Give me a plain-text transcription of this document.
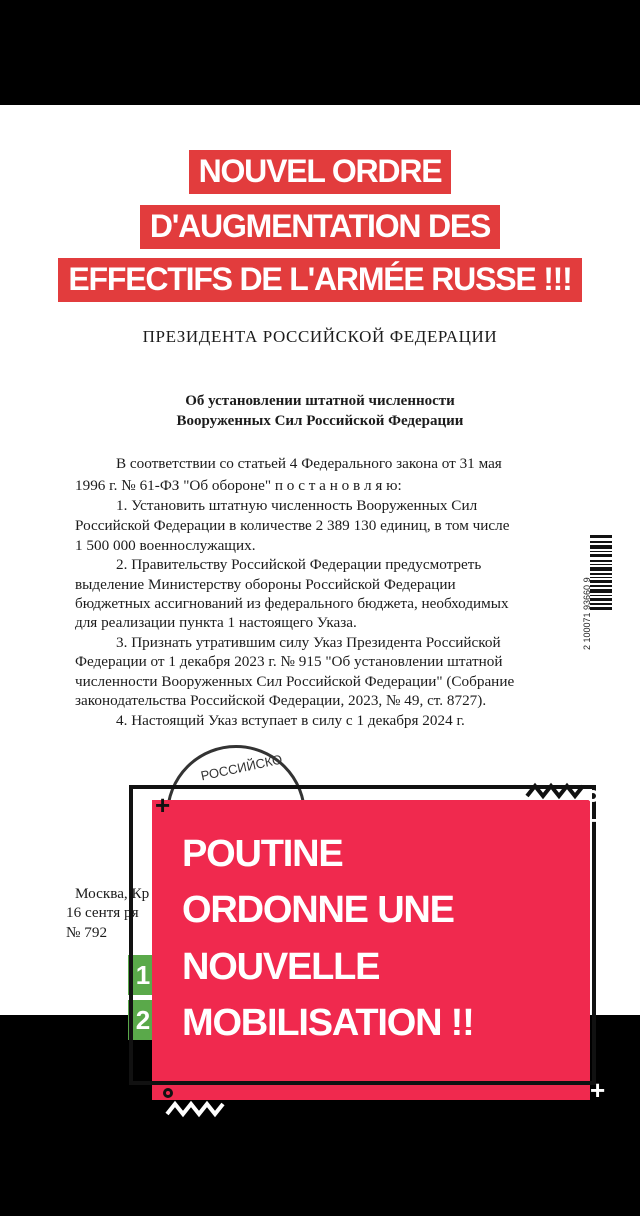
NOUVEL ORDRE
D'AUGMENTATION DES
EFFECTIFS DE L'ARMÉE RUSSE !!!
ПРЕЗИДЕНТА РОССИЙСКОЙ ФЕДЕРАЦИИ
Об установлении штатной численности
Вооруженных Сил Российской Федерации
В соответствии со статьей 4 Федерального закона от 31 мая
1996 г. № 61-ФЗ "Об обороне" п о с т а н о в л я ю:
1. Установить штатную численность Вооруженных Сил
Российской Федерации в количестве 2 389 130 единиц, в том числе
1 500 000 военнослужащих.
2. Правительству Российской Федерации предусмотреть
выделение Министерству обороны Российской Федерации
бюджетных ассигнований из федерального бюджета, необходимых
для реализации пункта 1 настоящего Указа.
3. Признать утратившим силу Указ Президента Российской
Федерации от 1 декабря 2023 г. № 915 "Об установлении штатной
численности Вооруженных Сил Российской Федерации" (Собрание
законодательства Российской Федерации, 2023, № 49, ст. 8727).
4. Настоящий Указ вступает в силу с 1 декабря 2024 г.
2 100071 93660 9
РОССИЙСКО
Москва, Кр
16 сентя ря
№ 792
1
2
POUTINE
ORDONNE UNE
NOUVELLE
MOBILISATION !!
+	+
+
